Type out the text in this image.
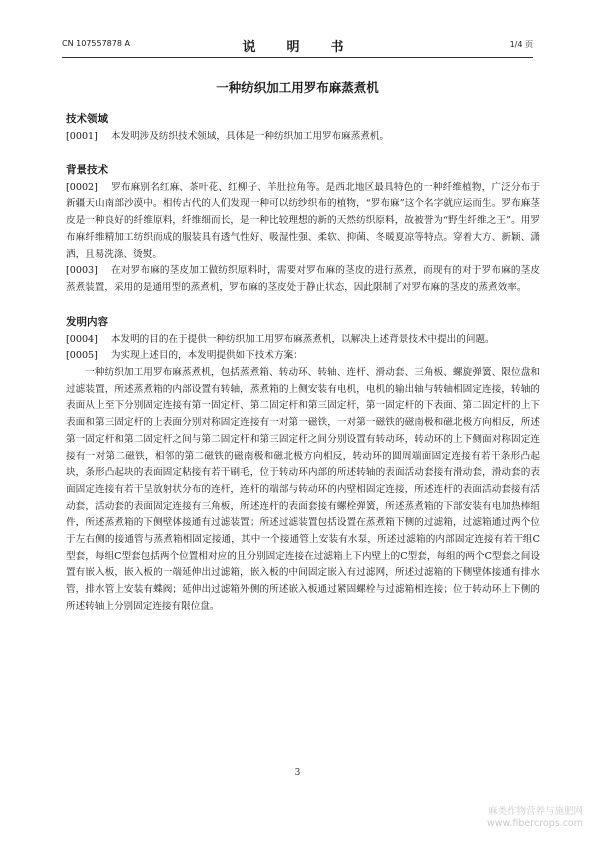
CN 107557878 A	说　明　书	1/4 页
一种纺织加工用罗布麻蒸煮机
技术领域

[0001] 本发明涉及纺织技术领域，具体是一种纺织加工用罗布麻蒸煮机。

背景技术

[0002] 罗布麻别名红麻、茶叶花、红柳子、羊肚拉角等。是西北地区最具特色的一种纤维植物，广泛分布于新疆天山南部沙漠中。相传古代的人们发现一种可以纺纱织布的植物，“罗布麻”这个名字就应运而生。罗布麻茎皮是一种良好的纤维原料，纤维细而长，是一种比较理想的新的天然纺织原料，故被誉为“野生纤维之王”。用罗布麻纤维精加工纺织而成的服装具有透气性好、吸湿性强、柔软、抑菌、冬暖夏凉等特点。穿着大方、新颖、潇洒，且易洗涤、烫熨。

[0003] 在对罗布麻的茎皮加工做纺织原料时，需要对罗布麻的茎皮的进行蒸煮，而现有的对于罗布麻的茎皮蒸煮装置，采用的是通用型的蒸煮机，罗布麻的茎皮处于静止状态，因此限制了对罗布麻的茎皮的蒸煮效率。

发明内容

[0004] 本发明的目的在于提供一种纺织加工用罗布麻蒸煮机，以解决上述背景技术中提出的问题。

[0005] 为实现上述目的，本发明提供如下技术方案：

一种纺织加工用罗布麻蒸煮机，包括蒸煮箱、转动环、转轴、连杆、滑动套、三角板、螺旋弹簧、限位盘和过滤装置，所述蒸煮箱的内部设置有转轴，蒸煮箱的上侧安装有电机，电机的输出轴与转轴相固定连接，转轴的表面从上至下分别固定连接有第一固定杆、第二固定杆和第三固定杆，第一固定杆的下表面、第二固定杆的上下表面和第三固定杆的上表面分别对称固定连接有一对第一磁铁，一对第一磁铁的磁南极和磁北极方向相反，所述第一固定杆和第二固定杆之间与第二固定杆和第三固定杆之间分别设置有转动环，转动环的上下侧面对称固定连接有一对第二磁铁，相邻的第二磁铁的磁南极和磁北极方向相反，转动环的圆周端面固定连接有若干条形凸起块，条形凸起块的表面固定粘接有若干刷毛，位于转动环内部的所述转轴的表面活动套接有滑动套，滑动套的表面固定连接有若干呈放射状分布的连杆，连杆的端部与转动环的内壁相固定连接，所述连杆的表面活动套接有活动套，活动套的表面固定连接有三角板，所述连杆的表面套接有螺栓弹簧，所述蒸煮箱的下部安装有电加热棒组件，所述蒸煮箱的下侧壁体接通有过滤装置；所述过滤装置包括设置在蒸煮箱下侧的过滤箱，过滤箱通过两个位于左右侧的接通管与蒸煮箱相固定接通，其中一个接通管上安装有水泵，所述过滤箱的内部固定连接有若干组C型套，每组C型套包括两个位置相对应的且分别固定连接在过滤箱上下内壁上的C型套，每组的两个C型套之间设置有嵌入板，嵌入板的一端延伸出过滤箱，嵌入板的中间固定嵌入有过滤网，所述过滤箱的下侧壁体接通有排水管，排水管上安装有蝶阀；延伸出过滤箱外侧的所述嵌入板通过紧固螺栓与过滤箱相连接；位于转动环上下侧的所述转轴上分别固定连接有限位盘。

3
麻类作物营养与施肥网
www.fibercrops.com
